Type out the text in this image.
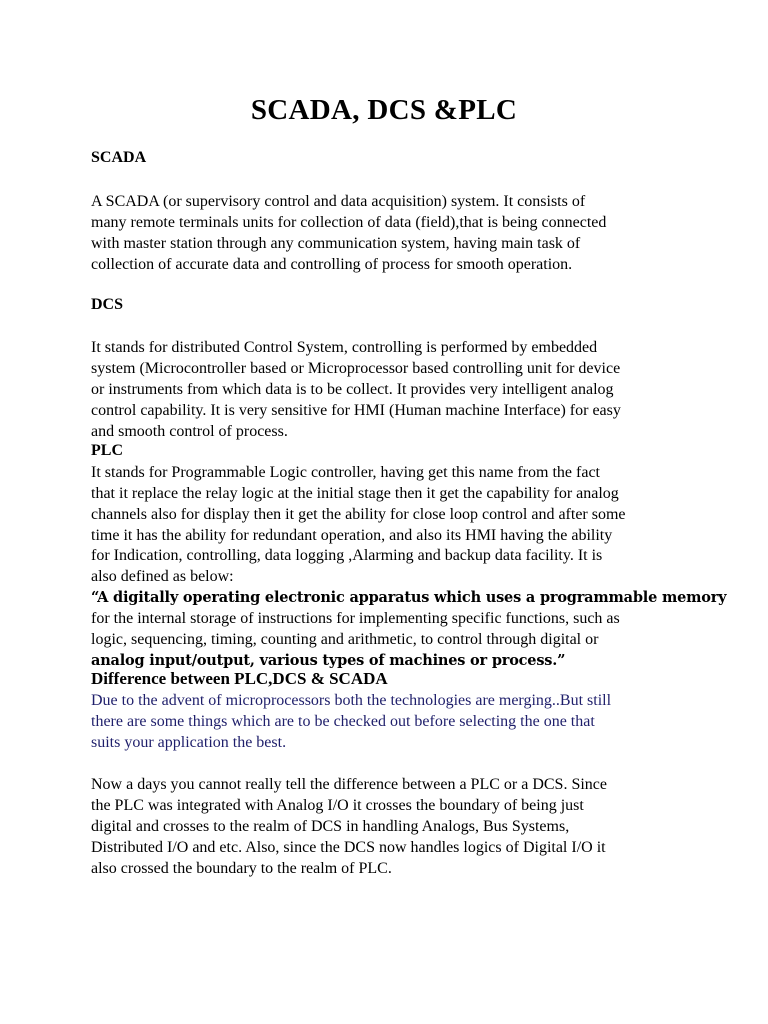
SCADA, DCS &PLC
SCADA
A SCADA (or supervisory control and data acquisition) system. It consists of
many remote terminals units for collection of data (field),that is being connected
with master station through any communication system, having main task of
collection of accurate data and controlling of process for smooth operation.
DCS
It stands for distributed Control System, controlling is performed by embedded
system (Microcontroller based or Microprocessor based controlling unit for device
or instruments from which data is to be collect. It provides very intelligent analog
control capability. It is very sensitive for HMI (Human machine Interface) for easy
and smooth control of process.
PLC
It stands for Programmable Logic controller, having get this name from the fact
that it replace the relay logic at the initial stage then it get the capability for analog
channels also for display then it get the ability for close loop control and after some
time it has the ability for redundant operation, and also its HMI having the ability
for Indication, controlling, data logging ,Alarming and backup data facility. It is
also defined as below:
“A digitally operating electronic apparatus which uses a programmable memory
for the internal storage of instructions for implementing specific functions, such as
logic, sequencing, timing, counting and arithmetic, to control through digital or
analog input/output, various types of machines or process.”
Difference between PLC,DCS & SCADA
Due to the advent of microprocessors both the technologies are merging..But still
there are some things which are to be checked out before selecting the one that
suits your application the best.
Now a days you cannot really tell the difference between a PLC or a DCS. Since
the PLC was integrated with Analog I/O it crosses the boundary of being just
digital and crosses to the realm of DCS in handling Analogs, Bus Systems,
Distributed I/O and etc. Also, since the DCS now handles logics of Digital I/O it
also crossed the boundary to the realm of PLC.
